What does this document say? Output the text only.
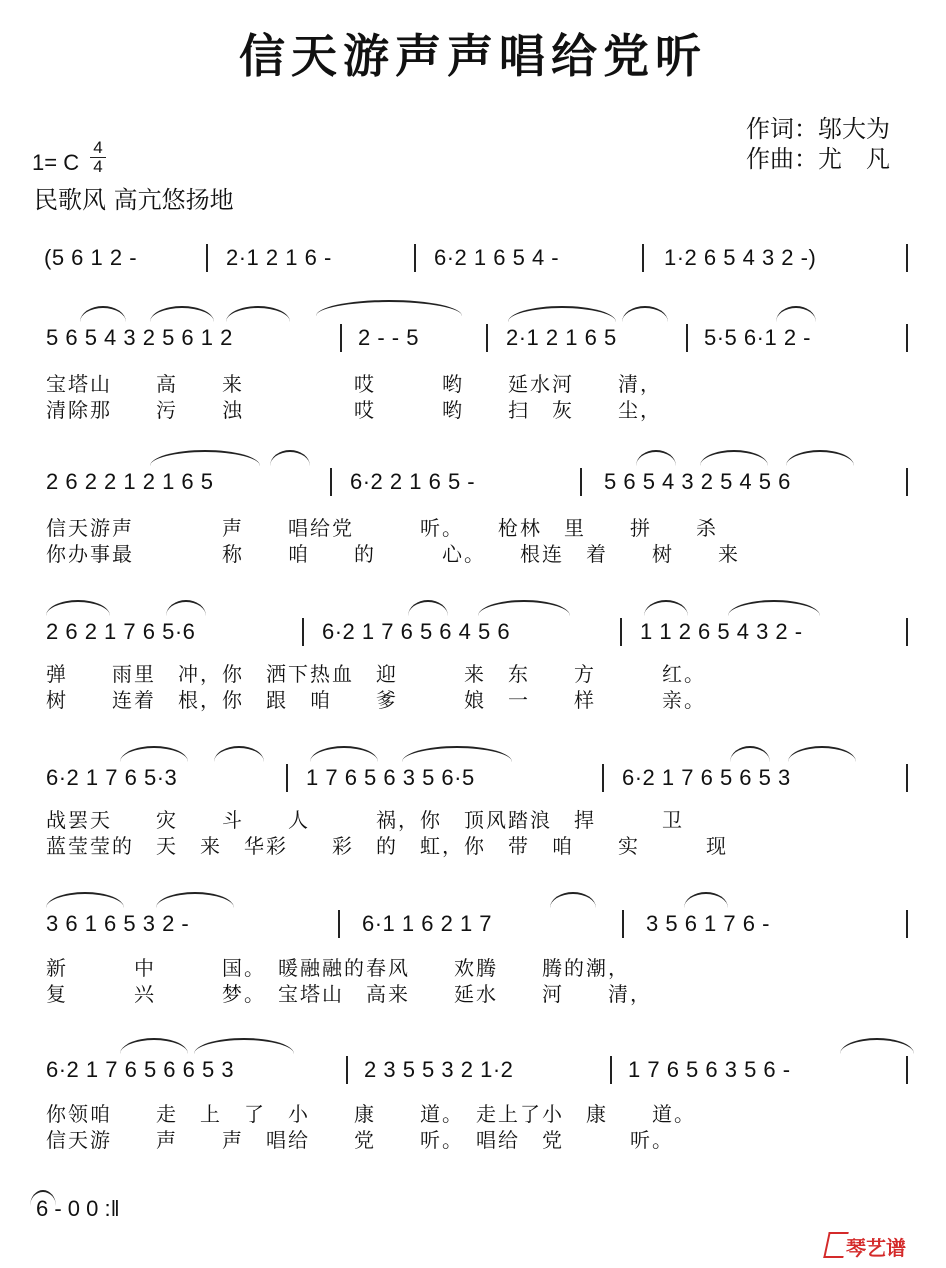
信天游声声唱给党听
作词：邬大为
作曲：尤　凡
1= C
4
4
民歌风 高亢悠扬地
(5 6 1 2 -	2·1 2 1 6 -	6·2 1 6 5 4 -	1·2 6 5 4 3 2 -)
5 6 5 4 3 2 5 6 1 2	2 - - 5	2·1 2 1 6 5	5·5 6·1 2 -
宝塔山　　高　　来　　　　　哎　　　哟　　延水河　　清，
清除那　　污　　浊　　　　　哎　　　哟　　扫　灰　　尘，
2 6 2 2 1 2 1 6 5	6·2 2 1 6 5 -	5 6 5 4 3 2 5 4 5 6
信天游声　　　　声　　唱给党　　　听。　　枪林　里　　拼　　杀
你办事最　　　　称　　咱　　的　　　心。　　根连　着　　树　　来
2 6 2 1 7 6 5·6	6·2 1 7 6 5 6 4 5 6	1 1 2 6 5 4 3 2 -
弹　　雨里　冲，你　洒下热血　迎　　　来　东　　方　　　红。
树　　连着　根，你　跟　咱　　爹　　　娘　一　　样　　　亲。
6·2 1 7 6 5·3	1 7 6 5 6 3 5 6·5	6·2 1 7 6 5 6 5 3
战罢天　　灾　　斗　　人　　　祸，你　顶风踏浪　捍　　　卫
蓝莹莹的　天　来　华彩　　彩　的　虹，你　带　咱　　实　　　现
3 6 1 6 5 3 2 -	6·1 1 6 2 1 7	3 5 6 1 7 6 -
新　　　中　　　国。　暖融融的春风　　欢腾　　腾的潮，
复　　　兴　　　梦。　宝塔山　高来　　延水　　河　　清，
6·2 1 7 6 5 6 6 5 3	2 3 5 5 3 2 1·2	1 7 6 5 6 3 5 6 -
你领咱　　走　上　了　小　　康　　道。　走上了小　康　　道。
信天游　　声　　声　唱给　　党　　听。　唱给　党　　　听。
6 - 0 0 :‖
琴艺谱
